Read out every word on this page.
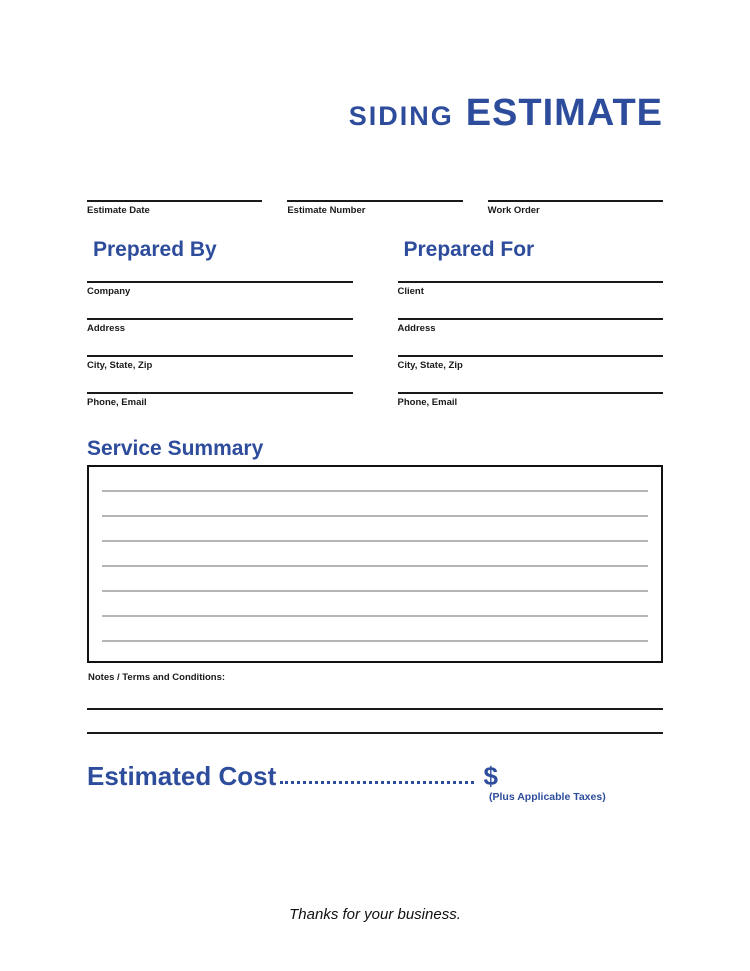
SIDING ESTIMATE
Estimate Date	Estimate Number	Work Order
Prepared By
Company
Address
City, State, Zip
Phone, Email
Prepared For
Client
Address
City, State, Zip
Phone, Email
Service Summary
Notes / Terms and Conditions:
Estimated Cost	$
(Plus Applicable Taxes)
Thanks for your business.
